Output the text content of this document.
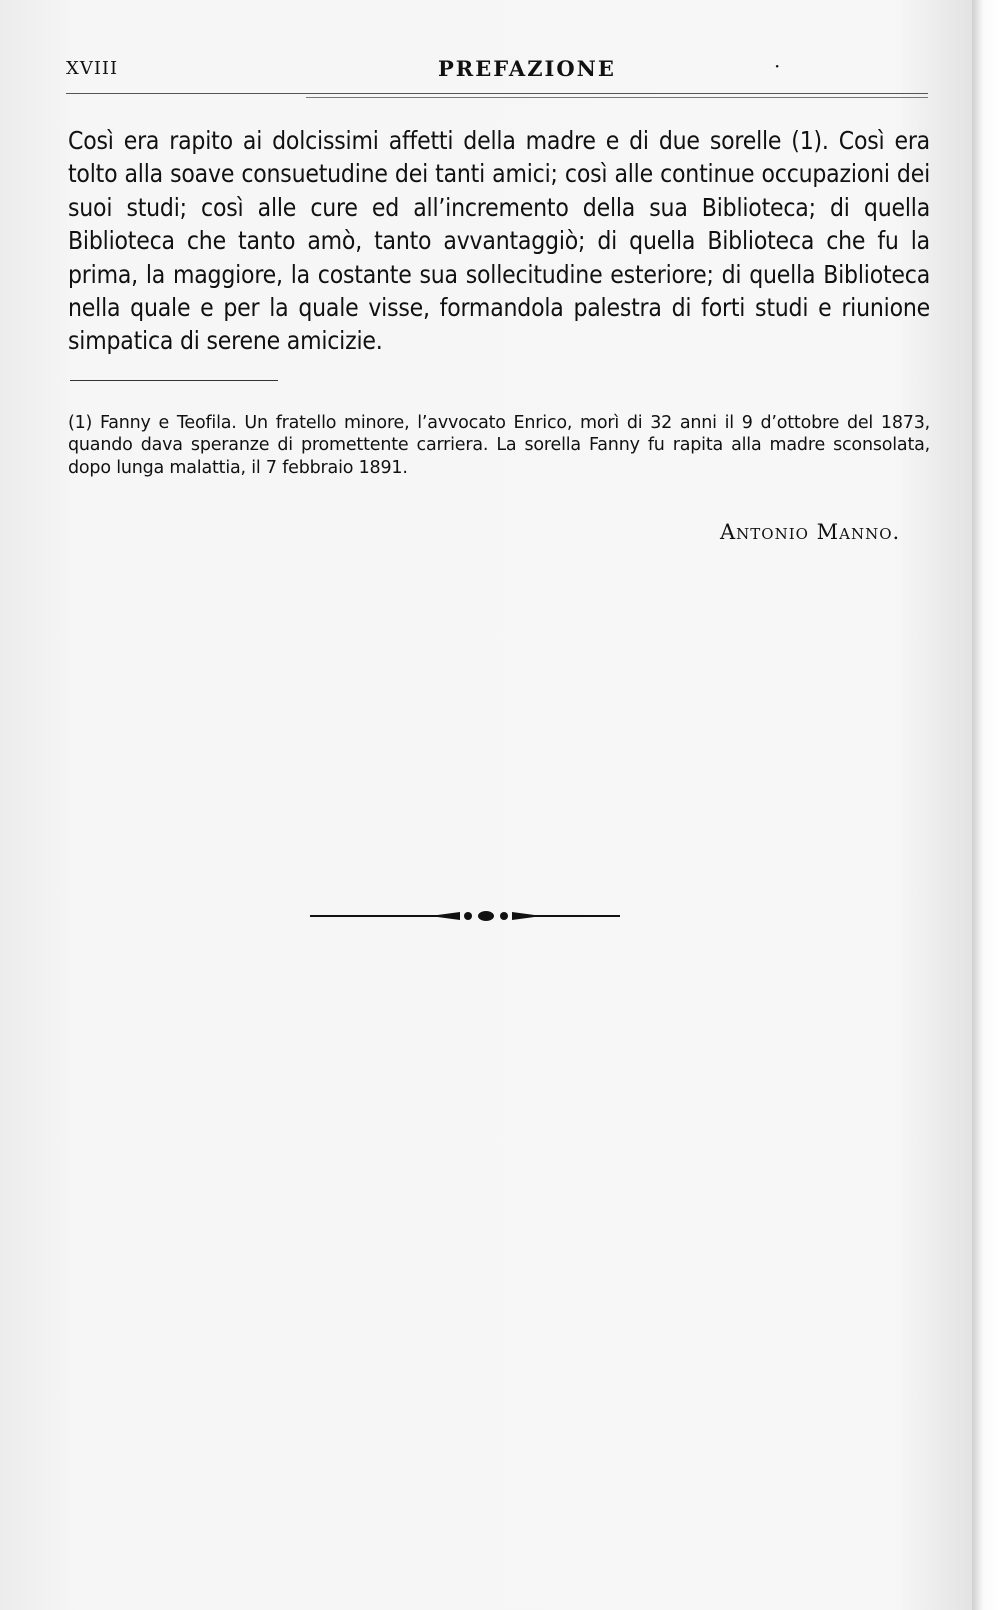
XVIII	PREFAZIONE	·

Così era rapito ai dolcissimi affetti della madre e di due sorelle (1). Così era tolto alla soave consuetudine dei tanti amici; così alle continue occupazioni dei suoi studi; così alle cure ed all’incremento della sua Biblioteca; di quella Biblioteca che tanto amò, tanto avvantaggiò; di quella Biblioteca che fu la prima, la maggiore, la costante sua sollecitudine esteriore; di quella Biblioteca nella quale e per la quale visse, formandola palestra di forti studi e riunione simpatica di serene amicizie.

(1) Fanny e Teofila. Un fratello minore, l’avvocato Enrico, morì di 32 anni il 9 d’ottobre del 1873, quando dava speranze di promettente carriera. La sorella Fanny fu rapita alla madre sconsolata, dopo lunga malattia, il 7 febbraio 1891.

Antonio Manno.
